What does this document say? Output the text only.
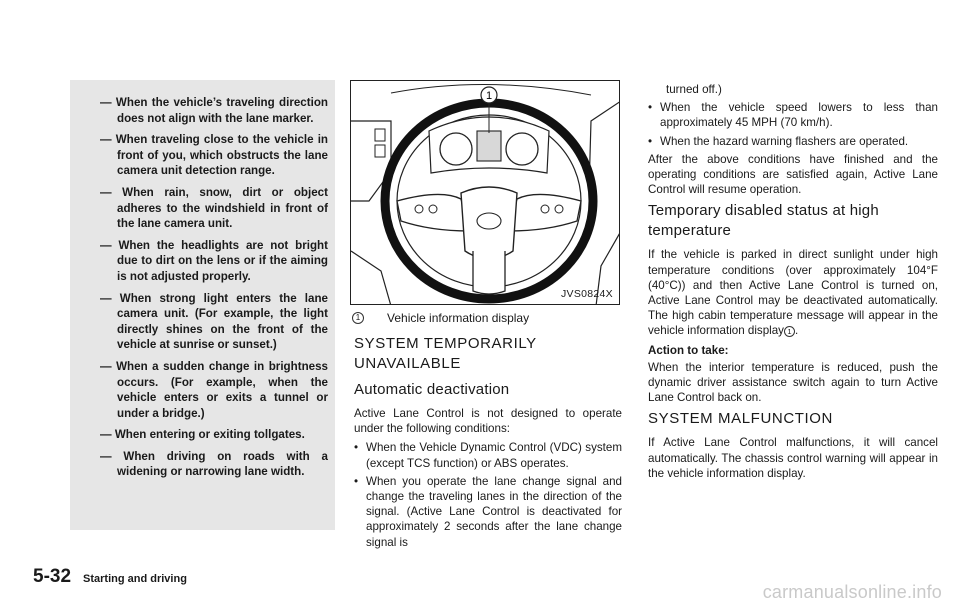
— When the vehicle’s traveling direction does not align with the lane marker.
— When traveling close to the vehicle in front of you, which obstructs the lane camera unit detection range.
— When rain, snow, dirt or object adheres to the windshield in front of the lane camera unit.
— When the headlights are not bright due to dirt on the lens or if the aiming is not adjusted properly.
— When strong light enters the lane camera unit. (For example, the light directly shines on the front of the vehicle at sunrise or sunset.)
— When a sudden change in brightness occurs. (For example, when the vehicle enters or exits a tunnel or under a bridge.)
— When entering or exiting tollgates.
— When driving on roads with a widening or narrowing lane width.
1
JVS0824X
1	Vehicle information display
SYSTEM TEMPORARILY UNAVAILABLE
Automatic deactivation
Active Lane Control is not designed to operate under the following conditions:
• When the Vehicle Dynamic Control (VDC) system (except TCS function) or ABS operates.
• When you operate the lane change signal and change the traveling lanes in the direction of the signal. (Active Lane Control is deactivated for approximately 2 seconds after the lane change signal is
turned off.)
• When the vehicle speed lowers to less than approximately 45 MPH (70 km/h).
• When the hazard warning flashers are operated.
After the above conditions have finished and the operating conditions are satisfied again, Active Lane Control will resume operation.
Temporary disabled status at high temperature
If the vehicle is parked in direct sunlight under high temperature conditions (over approximately 104°F (40°C)) and then Active Lane Control is turned on, Active Lane Control may be deactivated automatically. The high cabin temperature message will appear in the vehicle information display 1 .
Action to take:
When the interior temperature is reduced, push the dynamic driver assistance switch again to turn Active Lane Control back on.
SYSTEM MALFUNCTION
If Active Lane Control malfunctions, it will cancel automatically. The chassis control warning will appear in the vehicle information display.
5-32 Starting and driving
carmanualsonline.info
